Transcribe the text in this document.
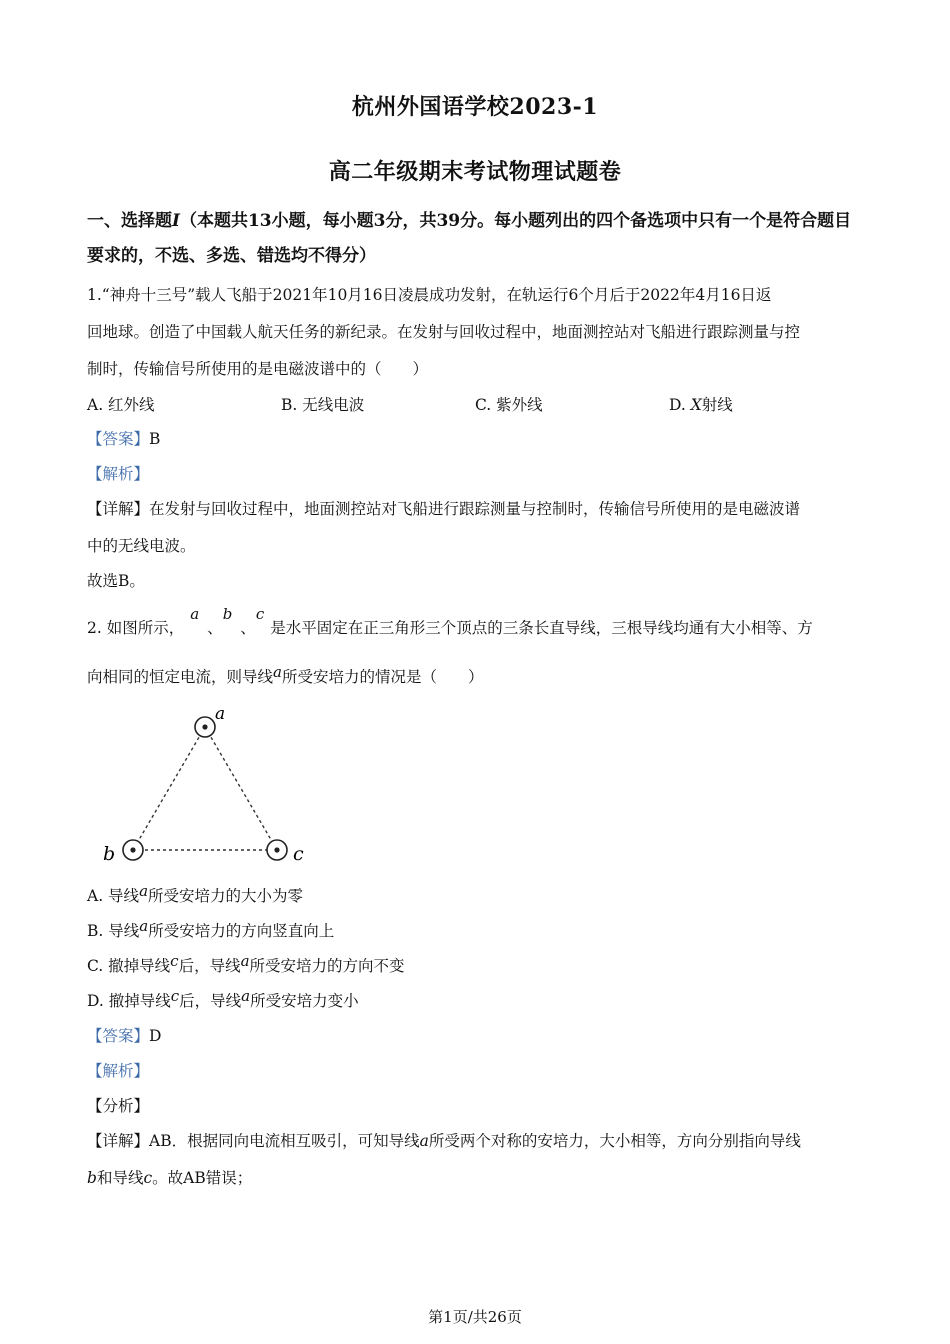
杭州外国语学校2023-1
高二年级期末考试物理试题卷
一、选择题I（本题共13小题，每小题3分，共39分。每小题列出的四个备选项中只有一个是符合题目要求的，不选、多选、错选均不得分）
1.“神舟十三号”载人飞船于2021年10月16日凌晨成功发射，在轨运行6个月后于2022年4月16日返
回地球。创造了中国载人航天任务的新纪录。在发射与回收过程中，地面测控站对飞船进行跟踪测量与控
制时，传输信号所使用的是电磁波谱中的（　　）
A. 红外线	B. 无线电波	C. 紫外线	D. X射线
【答案】B
【解析】
【详解】在发射与回收过程中，地面测控站对飞船进行跟踪测量与控制时，传输信号所使用的是电磁波谱
中的无线电波。
故选B。
2. 如图所示，a、b、c是水平固定在正三角形三个顶点的三条长直导线，三根导线均通有大小相等、方
向相同的恒定电流，则导线a所受安培力的情况是（　　）
a
b	c
A. 导线a所受安培力的大小为零
B. 导线a所受安培力的方向竖直向上
C. 撤掉导线c后，导线a所受安培力的方向不变
D. 撤掉导线c后，导线a所受安培力变小
【答案】D
【解析】
【分析】
【详解】AB．根据同向电流相互吸引，可知导线a所受两个对称的安培力，大小相等，方向分别指向导线
b和导线c。故AB错误；
第1页/共26页
